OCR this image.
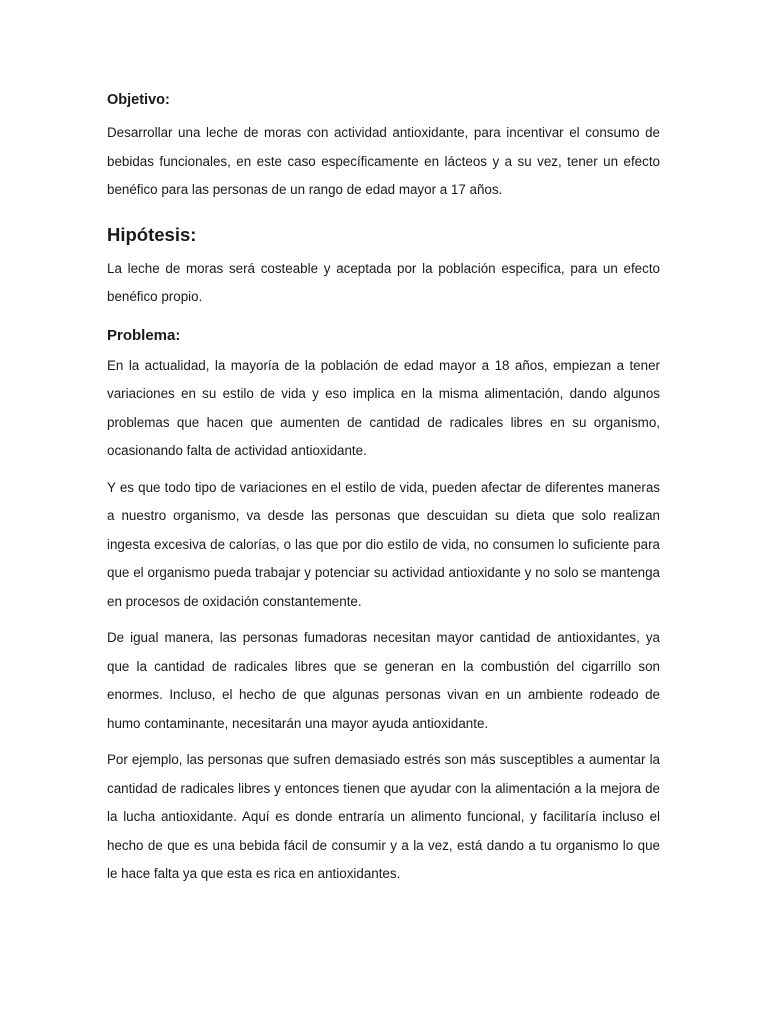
Objetivo:

Desarrollar una leche de moras con actividad antioxidante, para incentivar el consumo de bebidas funcionales, en este caso específicamente en lácteos y a su vez, tener un efecto benéfico para las personas de un rango de edad mayor a 17 años.

Hipótesis:

La leche de moras será costeable y aceptada por la población especifica, para un efecto benéfico propio.

Problema:

En la actualidad, la mayoría de la población de edad mayor a 18 años, empiezan a tener variaciones en su estilo de vida y eso implica en la misma alimentación, dando algunos problemas que hacen que aumenten de cantidad de radicales libres en su organismo, ocasionando falta de actividad antioxidante.

Y es que todo tipo de variaciones en el estilo de vida, pueden afectar de diferentes maneras a nuestro organismo, va desde las personas que descuidan su dieta que solo realizan ingesta excesiva de calorías, o las que por dio estilo de vida, no consumen lo suficiente para que el organismo pueda trabajar y potenciar su actividad antioxidante y no solo se mantenga en procesos de oxidación constantemente.

De igual manera, las personas fumadoras necesitan mayor cantidad de antioxidantes, ya que la cantidad de radicales libres que se generan en la combustión del cigarrillo son enormes. Incluso, el hecho de que algunas personas vivan en un ambiente rodeado de humo contaminante, necesitarán una mayor ayuda antioxidante.

Por ejemplo, las personas que sufren demasiado estrés son más susceptibles a aumentar la cantidad de radicales libres y entonces tienen que ayudar con la alimentación a la mejora de la lucha antioxidante. Aquí es donde entraría un alimento funcional, y facilitaría incluso el hecho de que es una bebida fácil de consumir y a la vez, está dando a tu organismo lo que le hace falta ya que esta es rica en antioxidantes.
